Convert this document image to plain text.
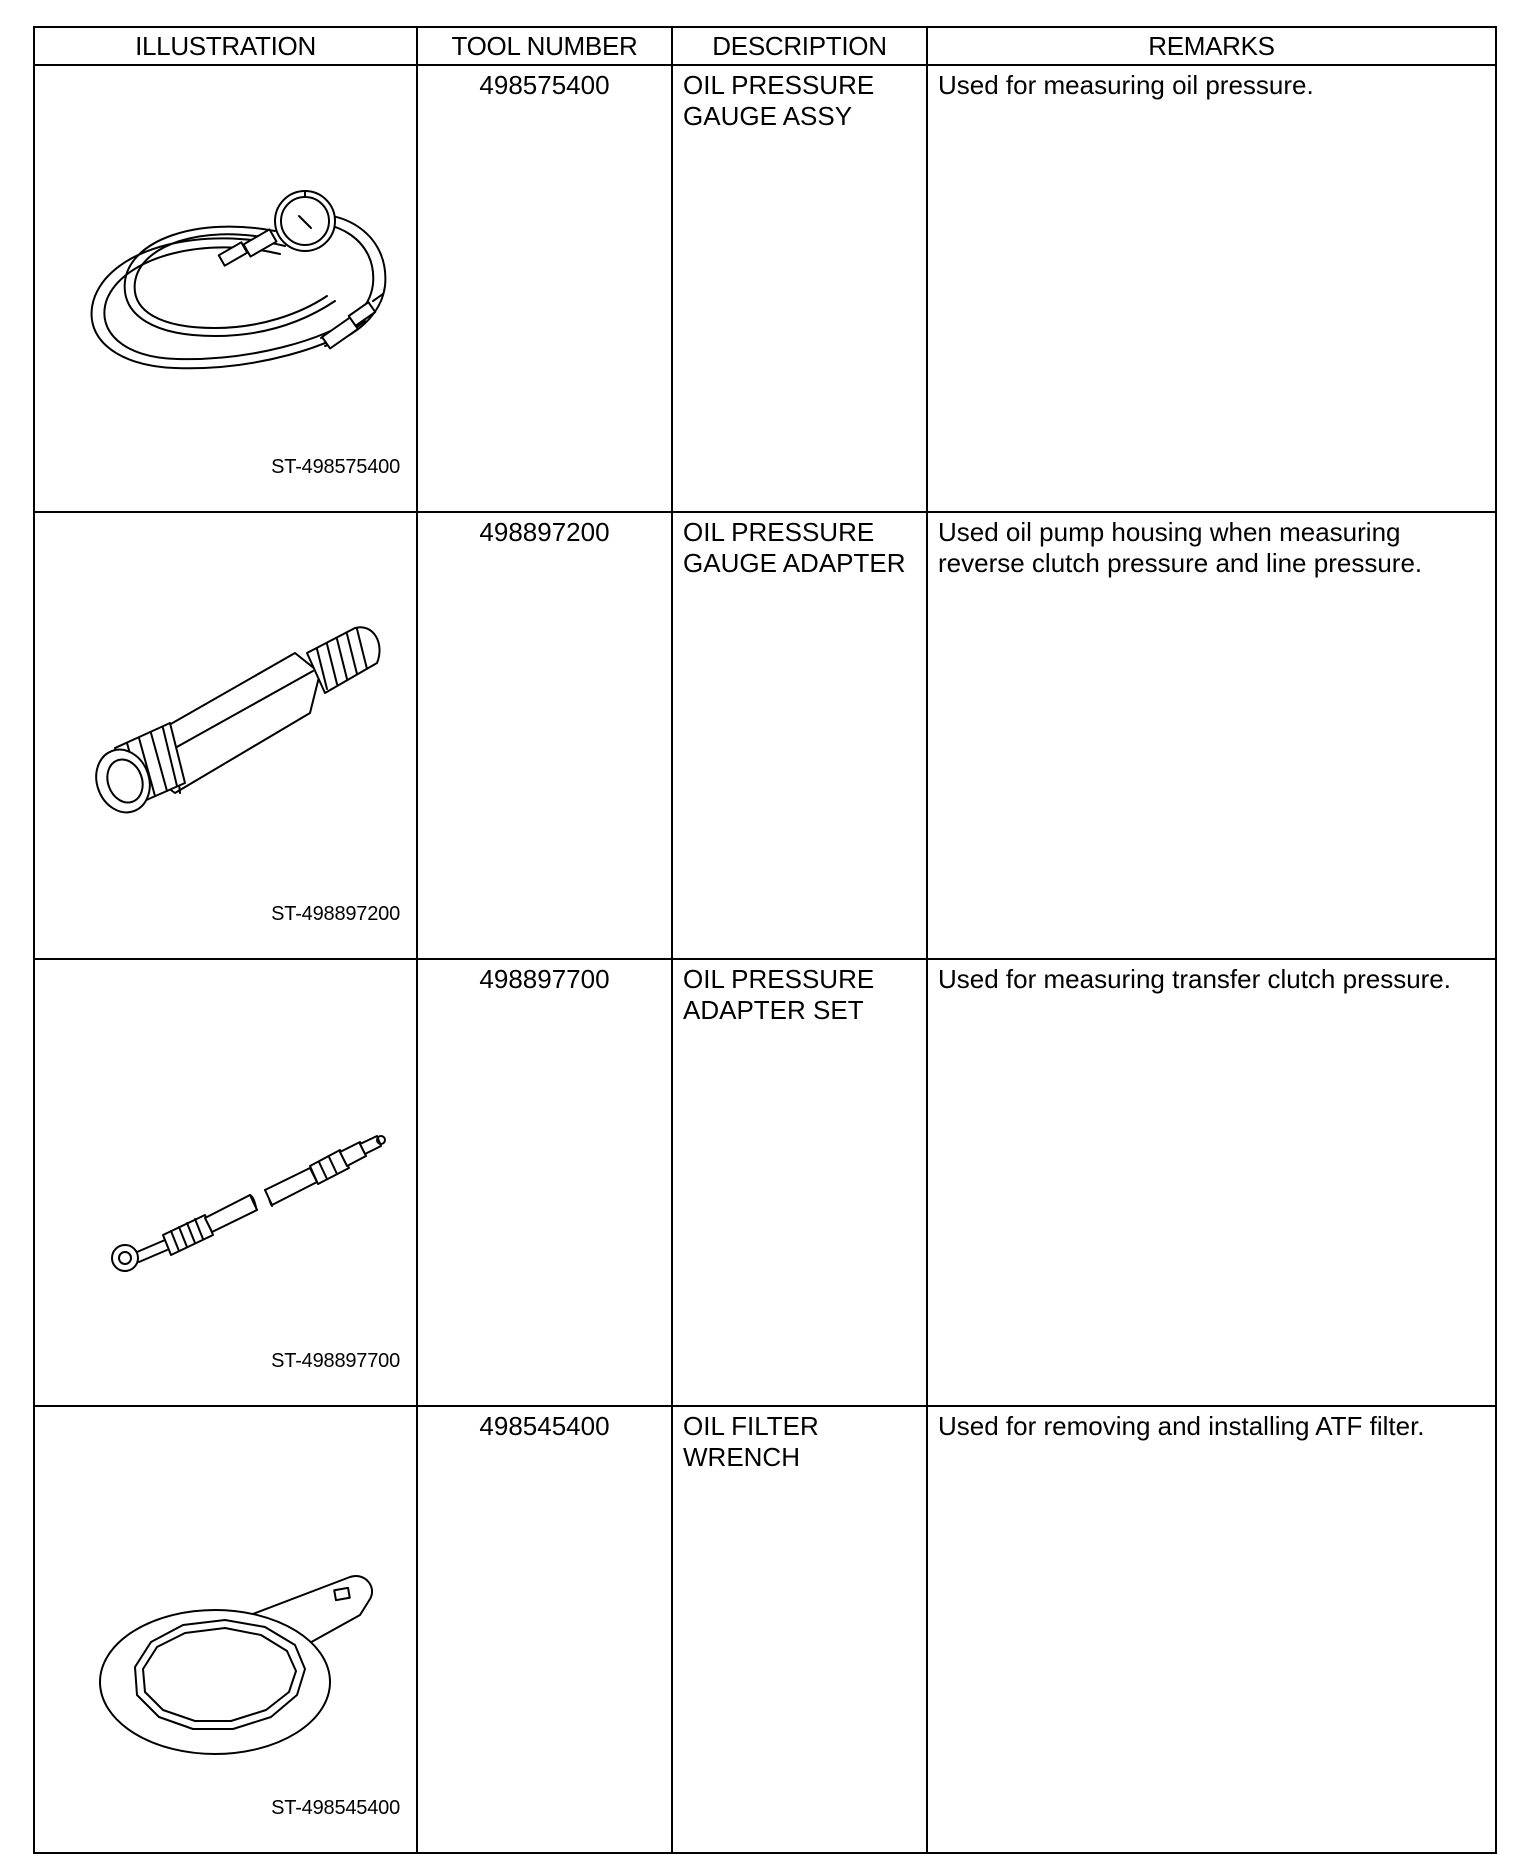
ILLUSTRATION	TOOL NUMBER	DESCRIPTION	REMARKS

ST-498575400	498575400	OIL PRESSURE
GAUGE ASSY	Used for measuring oil pressure.

ST-498897200	498897200	OIL PRESSURE
GAUGE ADAPTER	Used oil pump housing when measuring reverse clutch pressure and line pressure.

ST-498897700	498897700	OIL PRESSURE
ADAPTER SET	Used for measuring transfer clutch pressure.

ST-498545400	498545400	OIL FILTER
WRENCH	Used for removing and installing ATF filter.
